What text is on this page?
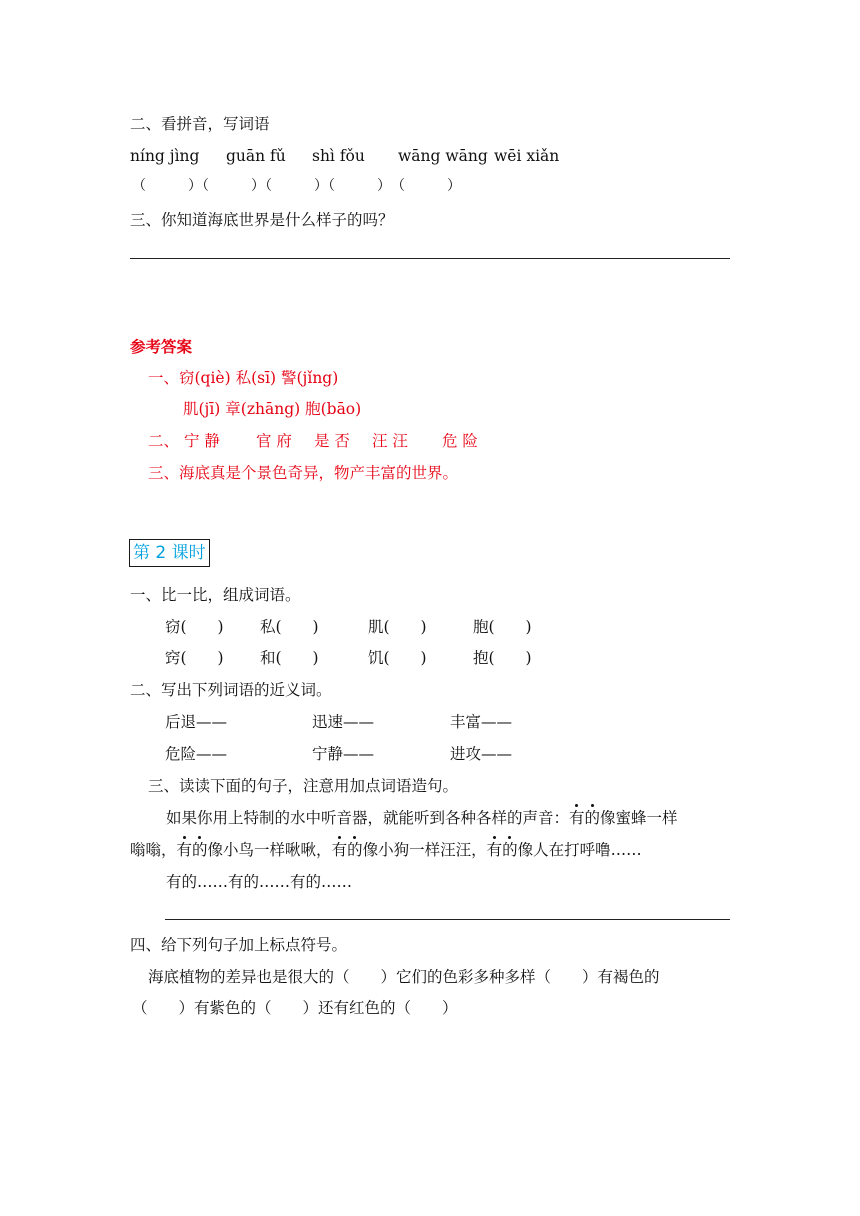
二、看拼音，写词语
níng jìng	guān fǔ	shì fǒu	wāng wāng wēi xiǎn
（　　　）（　　　）（　　　）（　　　）　（　　　）
三、你知道海底世界是什么样子的吗？
参考答案
一、窃(qiè) 私(sī) 警(jǐng)
肌(jī) 章(zhāng) 胞(bāo)
二、 宁 静	官 府	是 否	汪 汪	危 险
三、海底真是个景色奇异，物产丰富的世界。
第 2 课时
一、比一比，组成词语。
窃(　　)	私(　　)	肌(　　)	胞(　　)
窍(　　)	和(　　)	饥(　　)	抱(　　)
二、写出下列词语的近义词。
后退——	迅速——	丰富——
危险——	宁静——	进攻——
三、读读下面的句子，注意用加点词语造句。
如果你用上特制的水中听音器，就能听到各种各样的声音： 有的 像蜜蜂一样
嗡嗡， 有的 像小鸟一样啾啾， 有的 像小狗一样汪汪， 有的 像人在打呼噜……
有的……有的……有的……
四、给下列句子加上标点符号。
海底植物的差异也是很大的（　　）它们的色彩多种多样（　　）有褐色的
（　　）有紫色的（　　）还有红色的（　　）
